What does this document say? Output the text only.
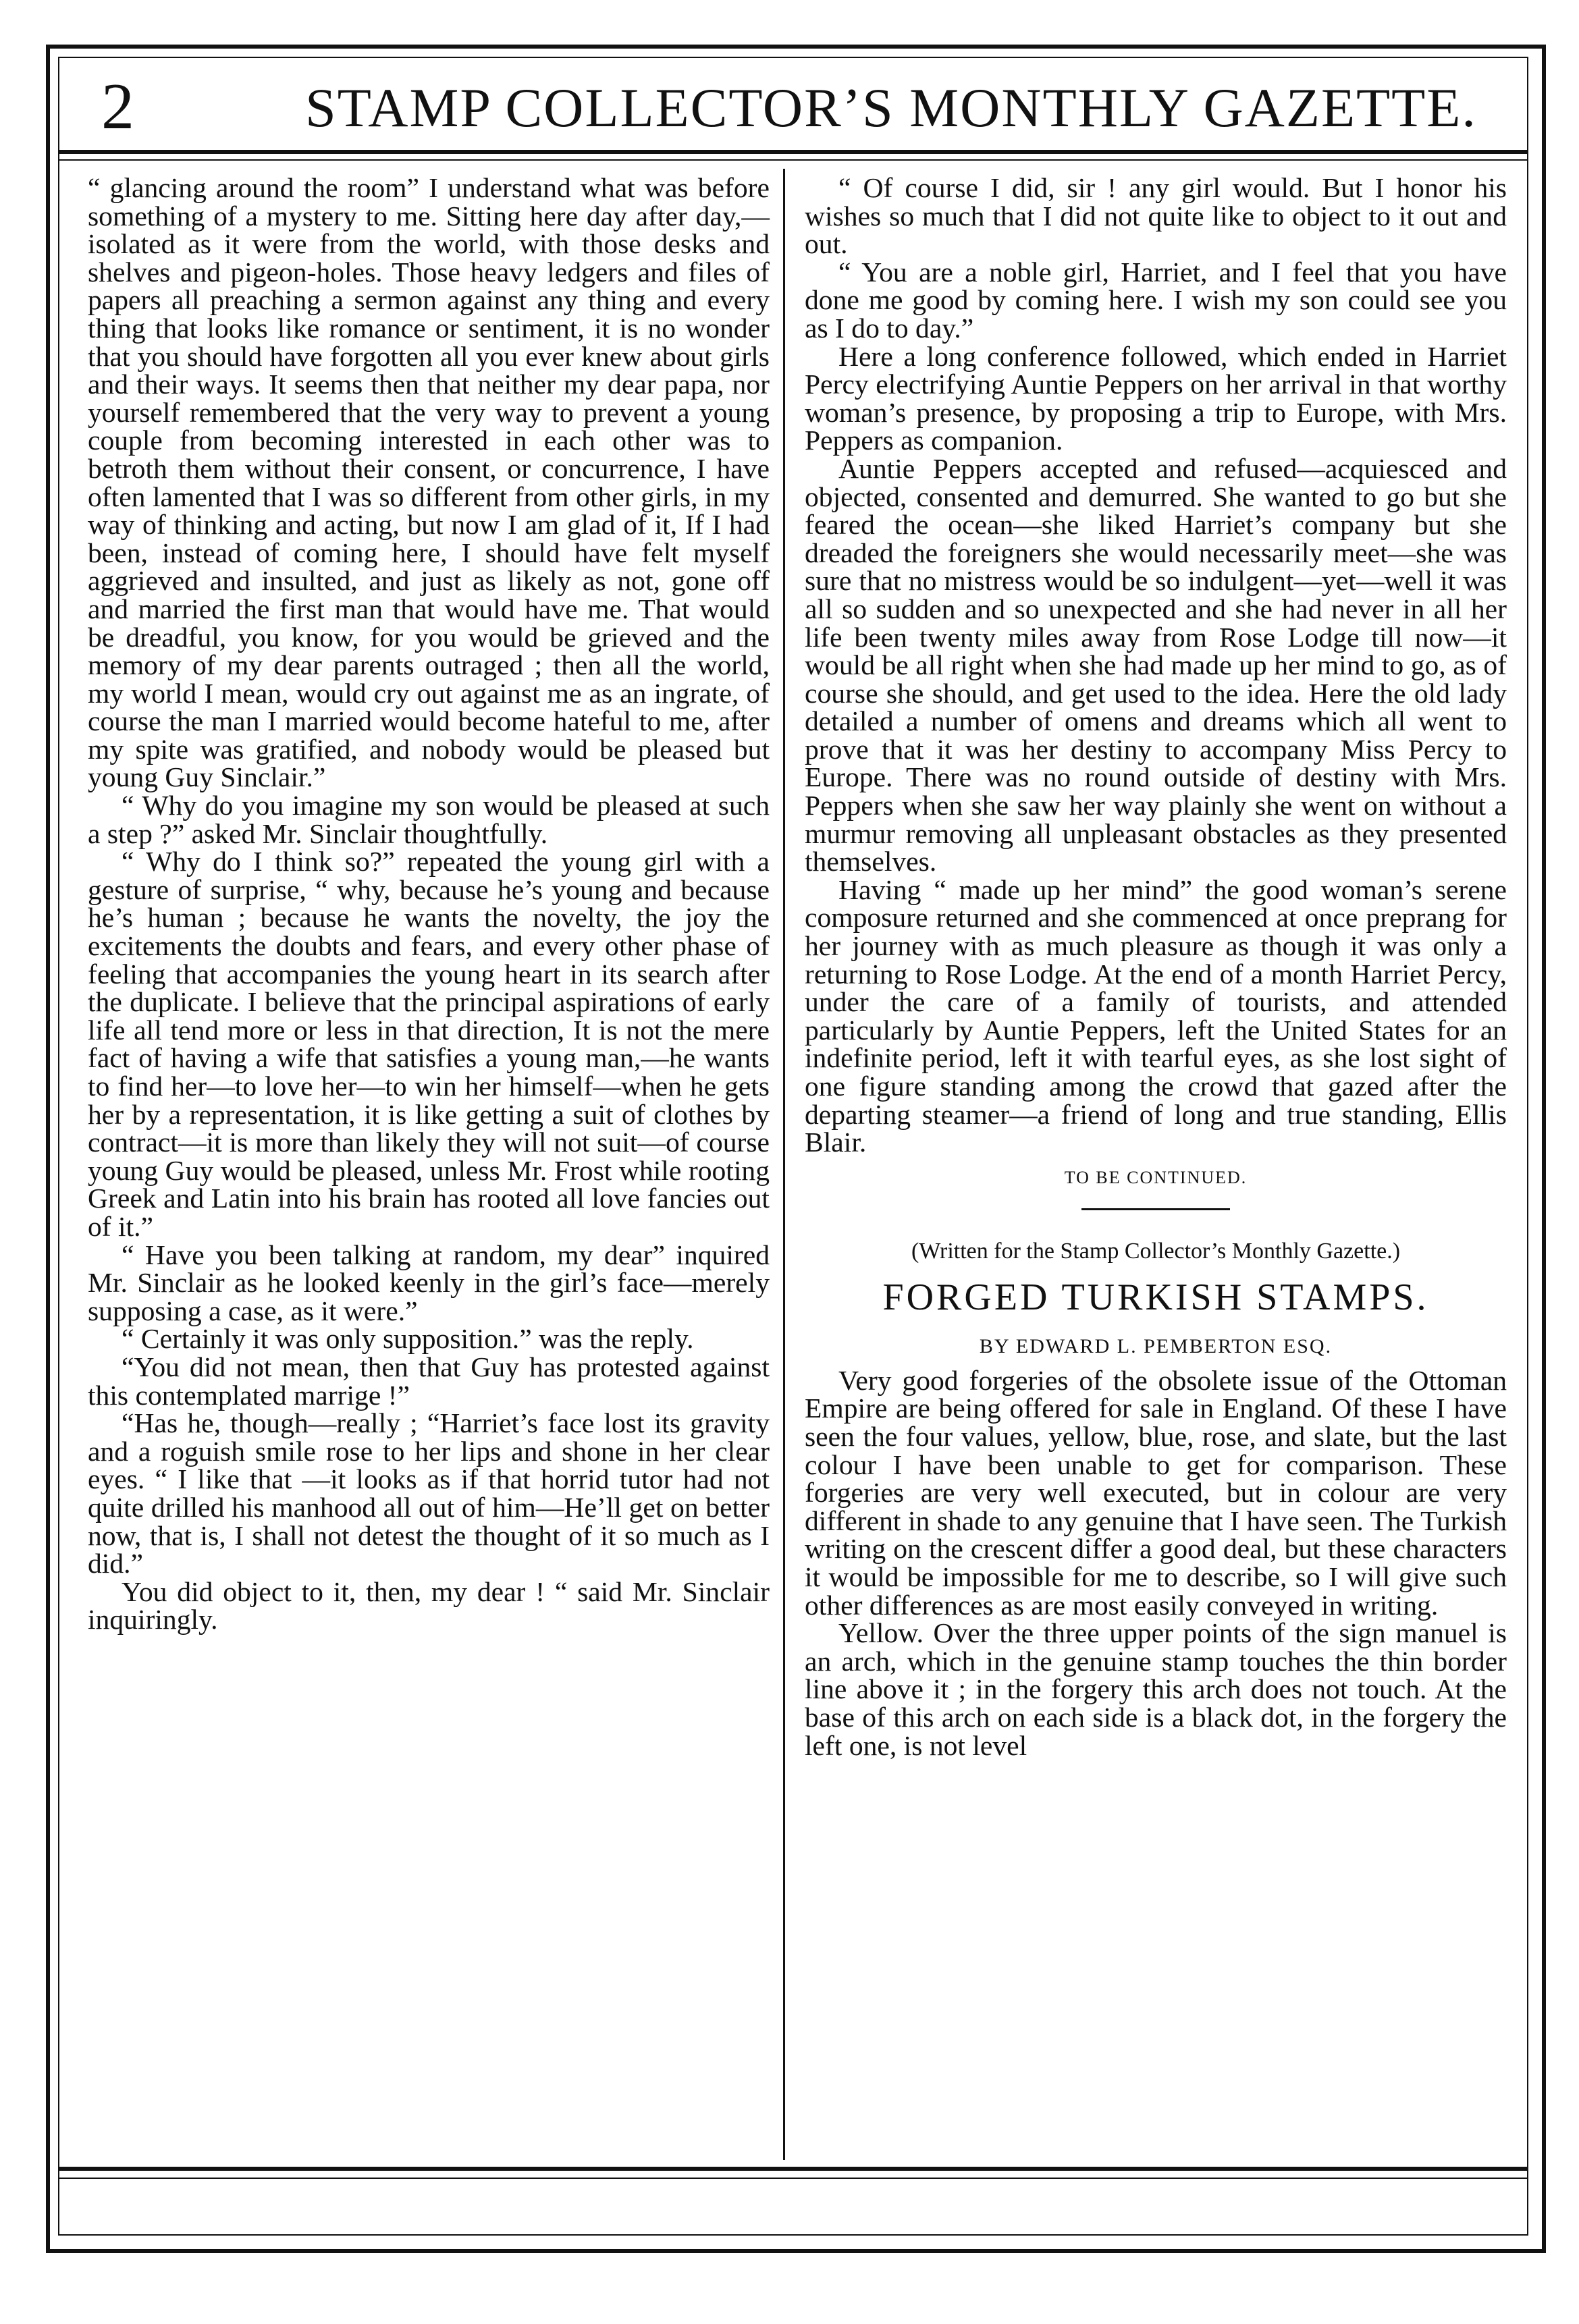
2	STAMP COLLECTOR’S MONTHLY GAZETTE.

“ glancing around the room” I understand what was before something of a mystery to me. Sitting here day after day,—isolated as it were from the world, with those desks and shelves and pigeon-holes. Those heavy ledgers and files of papers all preaching a sermon against any thing and every thing that looks like romance or sentiment, it is no wonder that you should have forgotten all you ever knew about girls and their ways. It seems then that neither my dear papa, nor yourself remembered that the very way to prevent a young couple from becoming interested in each other was to betroth them without their consent, or concurrence, I have often lamented that I was so different from other girls, in my way of thinking and acting, but now I am glad of it, If I had been, instead of coming here, I should have felt myself aggrieved and insulted, and just as likely as not, gone off and married the first man that would have me. That would be dreadful, you know, for you would be grieved and the memory of my dear parents outraged ; then all the world, my world I mean, would cry out against me as an ingrate, of course the man I married would become hateful to me, after my spite was gratified, and nobody would be pleased but young Guy Sinclair.”

“ Why do you imagine my son would be pleased at such a step ?” asked Mr. Sinclair thoughtfully.

“ Why do I think so?” repeated the young girl with a gesture of surprise, “ why, because he’s young and because he’s human ; because he wants the novelty, the joy the excitements the doubts and fears, and every other phase of feeling that accompanies the young heart in its search after the duplicate. I believe that the principal aspirations of early life all tend more or less in that direction, It is not the mere fact of having a wife that satisfies a young man,—he wants to find her—to love her—to win her himself—when he gets her by a representation, it is like getting a suit of clothes by contract—it is more than likely they will not suit—of course young Guy would be pleased, unless Mr. Frost while rooting Greek and Latin into his brain has rooted all love fancies out of it.”

“ Have you been talking at random, my dear” inquired Mr. Sinclair as he looked keenly in the girl’s face—merely supposing a case, as it were.”

“ Certainly it was only supposition.” was the reply.

“You did not mean, then that Guy has protested against this contemplated marrige !”

“Has he, though—really ; “Harriet’s face lost its gravity and a roguish smile rose to her lips and shone in her clear eyes. “ I like that —it looks as if that horrid tutor had not quite drilled his manhood all out of him—He’ll get on better now, that is, I shall not detest the thought of it so much as I did.”

You did object to it, then, my dear ! “ said Mr. Sinclair inquiringly.

“ Of course I did, sir ! any girl would. But I honor his wishes so much that I did not quite like to object to it out and out.

“ You are a noble girl, Harriet, and I feel that you have done me good by coming here. I wish my son could see you as I do to day.”

Here a long conference followed, which ended in Harriet Percy electrifying Auntie Peppers on her arrival in that worthy woman’s presence, by proposing a trip to Europe, with Mrs. Peppers as companion.

Auntie Peppers accepted and refused—acquiesced and objected, consented and demurred. She wanted to go but she feared the ocean—she liked Harriet’s company but she dreaded the foreigners she would necessarily meet—she was sure that no mistress would be so indulgent—yet—well it was all so sudden and so unexpected and she had never in all her life been twenty miles away from Rose Lodge till now—it would be all right when she had made up her mind to go, as of course she should, and get used to the idea. Here the old lady detailed a number of omens and dreams which all went to prove that it was her destiny to accompany Miss Percy to Europe. There was no round outside of destiny with Mrs. Peppers when she saw her way plainly she went on without a murmur removing all unpleasant obstacles as they presented themselves.

Having “ made up her mind” the good woman’s serene composure returned and she commenced at once preprang for her journey with as much pleasure as though it was only a returning to Rose Lodge. At the end of a month Harriet Percy, under the care of a family of tourists, and attended particularly by Auntie Peppers, left the United States for an indefinite period, left it with tearful eyes, as she lost sight of one figure standing among the crowd that gazed after the departing steamer—a friend of long and true standing, Ellis Blair.

TO BE CONTINUED.
(Written for the Stamp Collector’s Monthly Gazette.)
FORGED TURKISH STAMPS.
BY EDWARD L. PEMBERTON ESQ.

Very good forgeries of the obsolete issue of the Ottoman Empire are being offered for sale in England. Of these I have seen the four values, yellow, blue, rose, and slate, but the last colour I have been unable to get for comparison. These forgeries are very well executed, but in colour are very different in shade to any genuine that I have seen. The Turkish writing on the crescent differ a good deal, but these characters it would be impossible for me to describe, so I will give such other differences as are most easily conveyed in writing.

Yellow. Over the three upper points of the sign manuel is an arch, which in the genuine stamp touches the thin border line above it ; in the forgery this arch does not touch. At the base of this arch on each side is a black dot, in the forgery the left one, is not level
